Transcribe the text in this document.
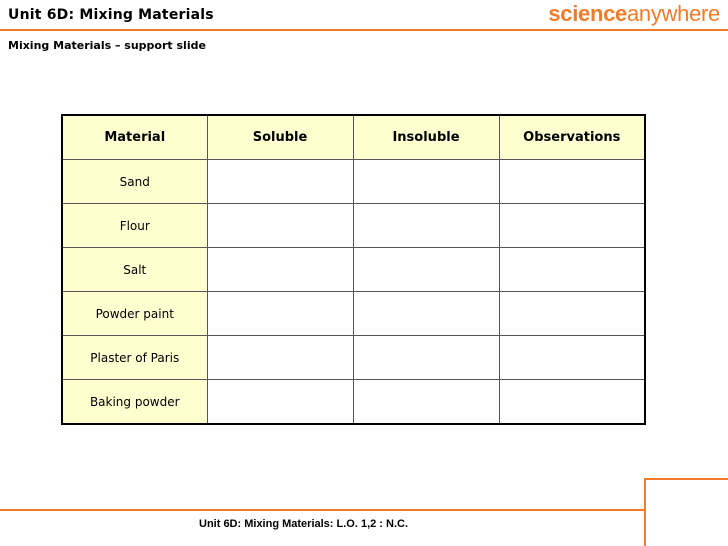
Unit 6D: Mixing Materials	scienceanywhere
Mixing Materials – support slide
Material	Soluble	Insoluble	Observations
Sand			
Flour			
Salt			
Powder paint			
Plaster of Paris			
Baking powder			
Unit 6D: Mixing Materials: L.O. 1,2 : N.C.
